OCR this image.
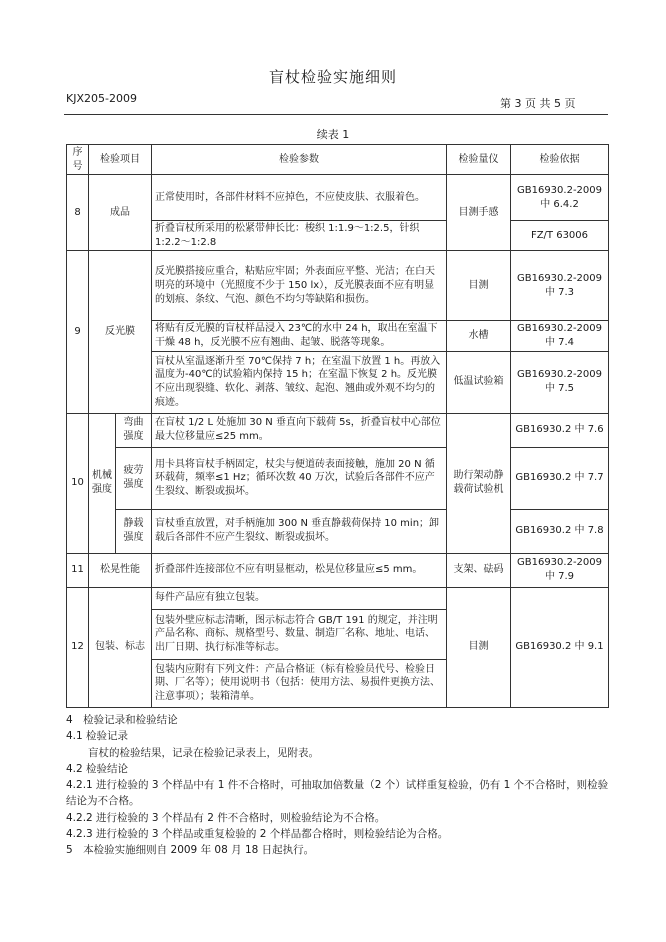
盲杖检验实施细则
KJX205-2009	第 3 页 共 5 页
续表 1
序号	检验项目		检验参数	检验量仪	检验依据
8	成品		正常使用时，各部件材料不应掉色，不应使皮肤、衣服着色。	目测手感	GB16930.2-2009 中 6.4.2
			折叠盲杖所采用的松紧带伸长比：梭织 1:1.9～1:2.5，针织 1:2.2～1:2.8		FZ/T 63006
9	反光膜		反光膜搭接应重合，粘贴应牢固；外表面应平整、光洁；在白天明亮的环境中（光照度不少于 150 lx），反光膜表面不应有明显的划痕、条纹、气泡、颜色不均匀等缺陷和损伤。	目测	GB16930.2-2009 中 7.3
			将贴有反光膜的盲杖样品浸入 23℃的水中 24 h，取出在室温下干燥 48 h，反光膜不应有翘曲、起皱、脱落等现象。	水槽	GB16930.2-2009 中 7.4
			盲杖从室温逐渐升至 70℃保持 7 h；在室温下放置 1 h。再放入温度为-40℃的试验箱内保持 15 h；在室温下恢复 2 h。反光膜不应出现裂缝、软化、剥落、皱纹、起泡、翘曲或外观不均匀的痕迹。	低温试验箱	GB16930.2-2009 中 7.5
10	机械强度	弯曲强度	在盲杖 1/2 L 处施加 30 N 垂直向下载荷 5s，折叠盲杖中心部位最大位移量应≤25 mm。	助行架动静载荷试验机	GB16930.2 中 7.6
		疲劳强度	用卡具将盲杖手柄固定，杖尖与便道砖表面接触，施加 20 N 循环载荷，频率≤1 Hz；循环次数 40 万次，试验后各部件不应产生裂纹、断裂或损坏。		GB16930.2 中 7.7
		静载强度	盲杖垂直放置，对手柄施加 300 N 垂直静载荷保持 10 min；卸载后各部件不应产生裂纹、断裂或损坏。		GB16930.2 中 7.8
11	松晃性能		折叠部件连接部位不应有明显框动，松晃位移量应≤5 mm。	支架、砝码	GB16930.2-2009 中 7.9
12	包装、标志		每件产品应有独立包装。	目测	GB16930.2 中 9.1
			包装外壁应标志清晰，图示标志符合 GB/T 191 的规定，并注明产品名称、商标、规格型号、数量、制造厂名称、地址、电话、出厂日期、执行标准等标志。		
			包装内应附有下列文件：产品合格证（标有检验员代号、检验日期、厂名等）；使用说明书（包括：使用方法、易损件更换方法、注意事项）；装箱清单。		
4　检验记录和检验结论
4.1 检验记录
盲杖的检验结果，记录在检验记录表上，见附表。
4.2 检验结论
4.2.1 进行检验的 3 个样品中有 1 件不合格时，可抽取加倍数量（2 个）试样重复检验，仍有 1 个不合格时，则检验结论为不合格。
4.2.2 进行检验的 3 个样品有 2 件不合格时，则检验结论为不合格。
4.2.3 进行检验的 3 个样品或重复检验的 2 个样品都合格时，则检验结论为合格。
5　本检验实施细则自 2009 年 08 月 18 日起执行。
